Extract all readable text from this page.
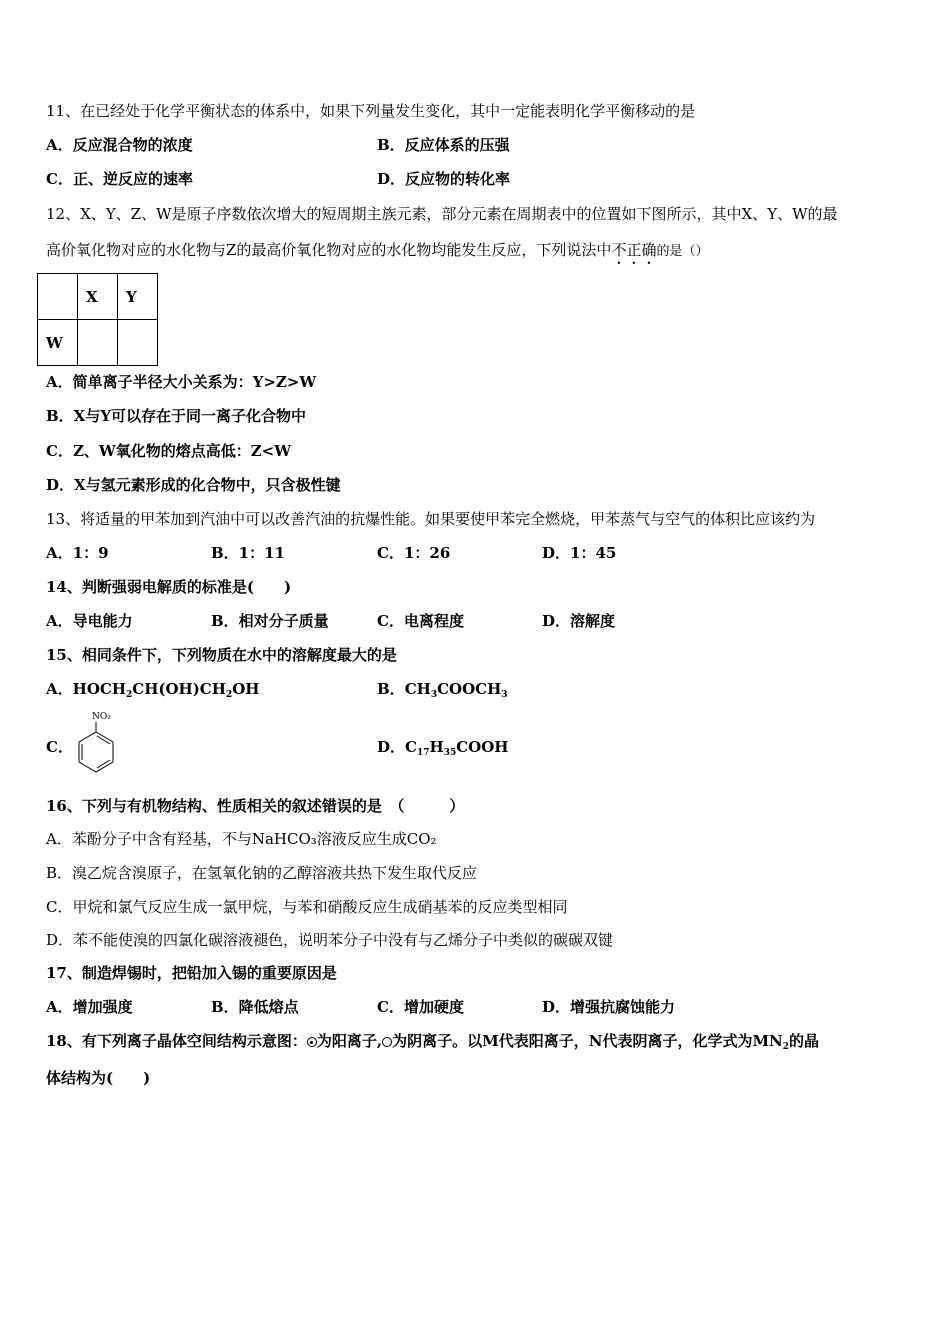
11、在已经处于化学平衡状态的体系中，如果下列量发生变化，其中一定能表明化学平衡移动的是
A．反应混合物的浓度	B．反应体系的压强
C．正、逆反应的速率	D．反应物的转化率
12、X、Y、Z、W是原子序数依次增大的短周期主族元素，部分元素在周期表中的位置如下图所示，其中X、Y、W的最
高价氧化物对应的水化物与Z的最高价氧化物对应的水化物均能发生反应，下列说法中不正确的是（）
	X	Y
W		
A．简单离子半径大小关系为：Y>Z>W
B．X与Y可以存在于同一离子化合物中
C．Z、W氧化物的熔点高低：Z<W
D．X与氢元素形成的化合物中，只含极性键
13、将适量的甲苯加到汽油中可以改善汽油的抗爆性能。如果要使甲苯完全燃烧，甲苯蒸气与空气的体积比应该约为
A．1：9	B．1：11	C．1：26	D．1：45
14、判断强弱电解质的标准是(　　)
A．导电能力	B．相对分子质量	C．电离程度	D．溶解度
15、相同条件下，下列物质在水中的溶解度最大的是
A．$HOCH_2CH(OH)CH_2OH$	B．$CH_3COOCH_3$
C．
NO₂
D．$C_{17}H_{35}COOH$
16、下列与有机物结构、性质相关的叙述错误的是　（　　　）
A．苯酚分子中含有羟基，不与NaHCO₃溶液反应生成CO₂
B．溴乙烷含溴原子，在氢氧化钠的乙醇溶液共热下发生取代反应
C．甲烷和氯气反应生成一氯甲烷，与苯和硝酸反应生成硝基苯的反应类型相同
D．苯不能使溴的四氯化碳溶液褪色，说明苯分子中没有与乙烯分子中类似的碳碳双键
17、制造焊锡时，把铅加入锡的重要原因是
A．增加强度	B．降低熔点	C．增加硬度	D．增强抗腐蚀能力
18、有下列离子晶体空间结构示意图： 为阳离子, 为阴离子。以M代表阳离子，N代表阴离子，化学式为$MN_2$的晶
体结构为(　　)
